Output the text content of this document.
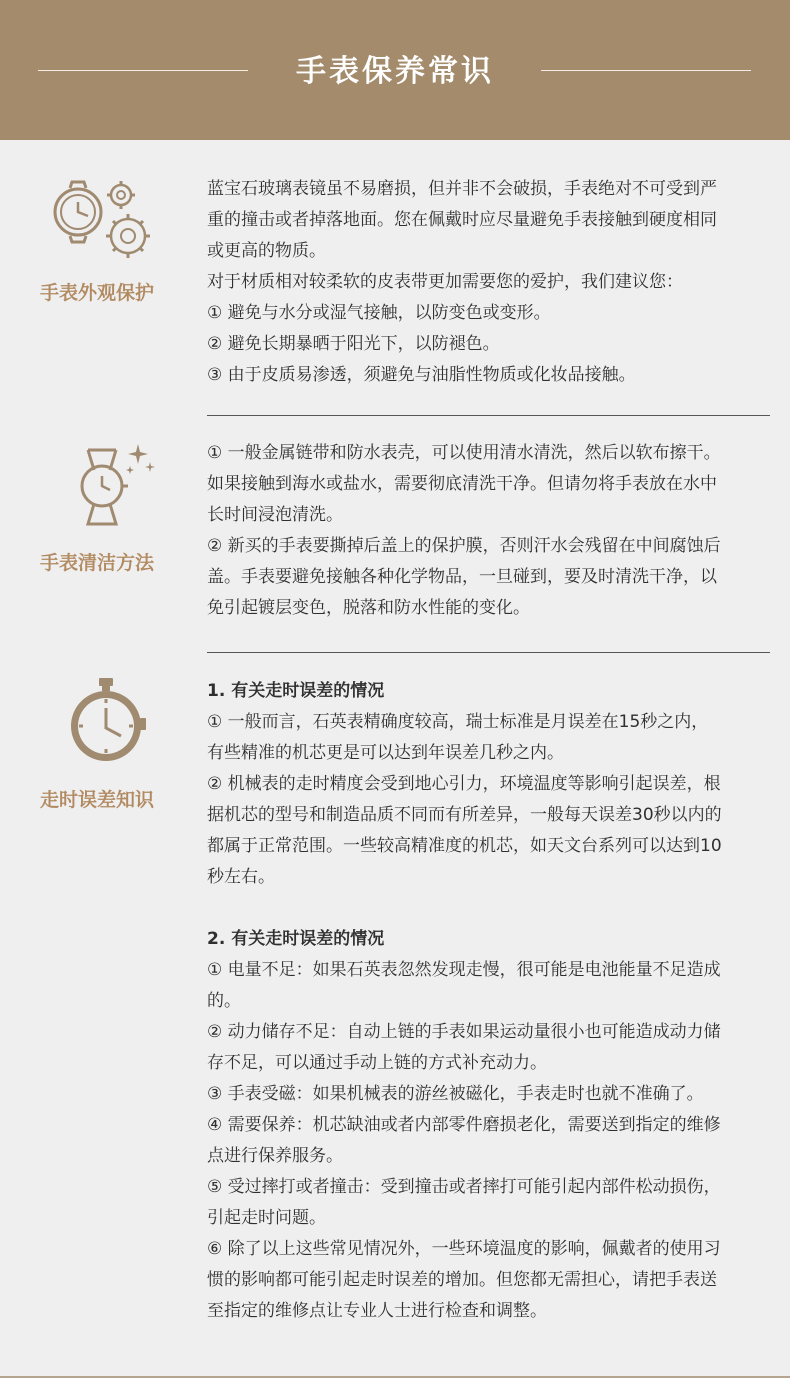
手表保养常识
手表外观保护

蓝宝石玻璃表镜虽不易磨损，但并非不会破损，手表绝对不可受到严

重的撞击或者掉落地面。您在佩戴时应尽量避免手表接触到硬度相同

或更高的物质。

对于材质相对较柔软的皮表带更加需要您的爱护，我们建议您：

① 避免与水分或湿气接触，以防变色或变形。

② 避免长期暴晒于阳光下，以防褪色。

③ 由于皮质易渗透，须避免与油脂性物质或化妆品接触。

手表清洁方法

① 一般金属链带和防水表壳，可以使用清水清洗，然后以软布擦干。

如果接触到海水或盐水，需要彻底清洗干净。但请勿将手表放在水中

长时间浸泡清洗。

② 新买的手表要撕掉后盖上的保护膜，否则汗水会残留在中间腐蚀后

盖。手表要避免接触各种化学物品，一旦碰到，要及时清洗干净，以

免引起镀层变色，脱落和防水性能的变化。

走时误差知识

1. 有关走时误差的情况

① 一般而言，石英表精确度较高，瑞士标准是月误差在15秒之内，

有些精准的机芯更是可以达到年误差几秒之内。

② 机械表的走时精度会受到地心引力，环境温度等影响引起误差，根

据机芯的型号和制造品质不同而有所差异，一般每天误差30秒以内的

都属于正常范围。一些较高精准度的机芯，如天文台系列可以达到10

秒左右。

2. 有关走时误差的情况

① 电量不足：如果石英表忽然发现走慢，很可能是电池能量不足造成

的。

② 动力储存不足：自动上链的手表如果运动量很小也可能造成动力储

存不足，可以通过手动上链的方式补充动力。

③ 手表受磁：如果机械表的游丝被磁化，手表走时也就不准确了。

④ 需要保养：机芯缺油或者内部零件磨损老化，需要送到指定的维修

点进行保养服务。

⑤ 受过摔打或者撞击：受到撞击或者摔打可能引起内部件松动损伤，

引起走时问题。

⑥ 除了以上这些常见情况外，一些环境温度的影响，佩戴者的使用习

惯的影响都可能引起走时误差的增加。但您都无需担心，请把手表送

至指定的维修点让专业人士进行检查和调整。
